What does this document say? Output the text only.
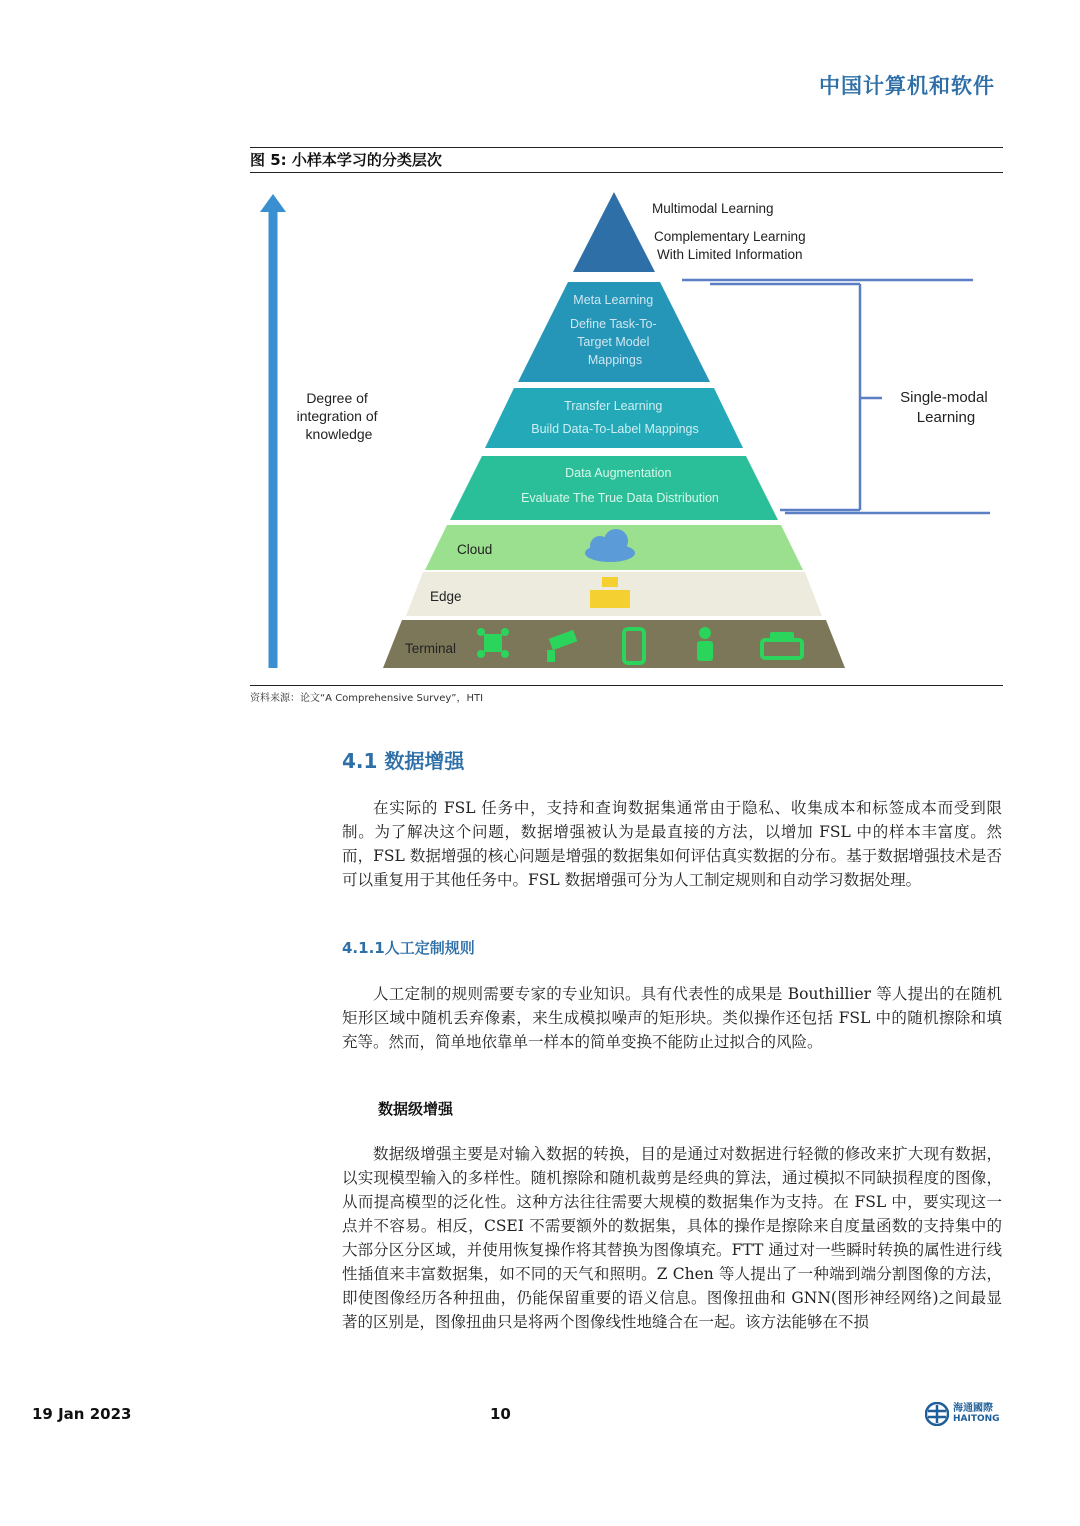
中国计算机和软件
图 5: 小样本学习的分类层次
Degree of integration of knowledge
Multimodal Learning
Complementary Learning
With Limited Information
Meta Learning Define Task-To- Target Model Mappings
Transfer Learning Build Data-To-Label Mappings
Data Augmentation Evaluate The True Data Distribution
Cloud
Edge
Terminal
Single-modal Learning
资料来源：论文“A Comprehensive Survey”，HTI
4.1 数据增强

在实际的 FSL 任务中，支持和查询数据集通常由于隐私、收集成本和标签成本而受到限制。为了解决这个问题，数据增强被认为是最直接的方法，以增加 FSL 中的样本丰富度。然而，FSL 数据增强的核心问题是增强的数据集如何评估真实数据的分布。基于数据增强技术是否可以重复用于其他任务中。FSL 数据增强可分为人工制定规则和自动学习数据处理。

4.1.1人工定制规则

人工定制的规则需要专家的专业知识。具有代表性的成果是 Bouthillier 等人提出的在随机矩形区域中随机丢弃像素，来生成模拟噪声的矩形块。类似操作还包括 FSL 中的随机擦除和填充等。然而，简单地依靠单一样本的简单变换不能防止过拟合的风险。

数据级增强

数据级增强主要是对输入数据的转换，目的是通过对数据进行轻微的修改来扩大现有数据，以实现模型输入的多样性。随机擦除和随机裁剪是经典的算法，通过模拟不同缺损程度的图像，从而提高模型的泛化性。这种方法往往需要大规模的数据集作为支持。在 FSL 中，要实现这一点并不容易。相反，CSEI 不需要额外的数据集，具体的操作是擦除来自度量函数的支持集中的大部分区分区域，并使用恢复操作将其替换为图像填充。FTT 通过对一些瞬时转换的属性进行线性插值来丰富数据集，如不同的天气和照明。Z Chen 等人提出了一种端到端分割图像的方法，即使图像经历各种扭曲，仍能保留重要的语义信息。图像扭曲和 GNN(图形神经网络)之间最显著的区别是，图像扭曲只是将两个图像线性地缝合在一起。该方法能够在不损

19 Jan 2023	10	海通國際
HAITONG
